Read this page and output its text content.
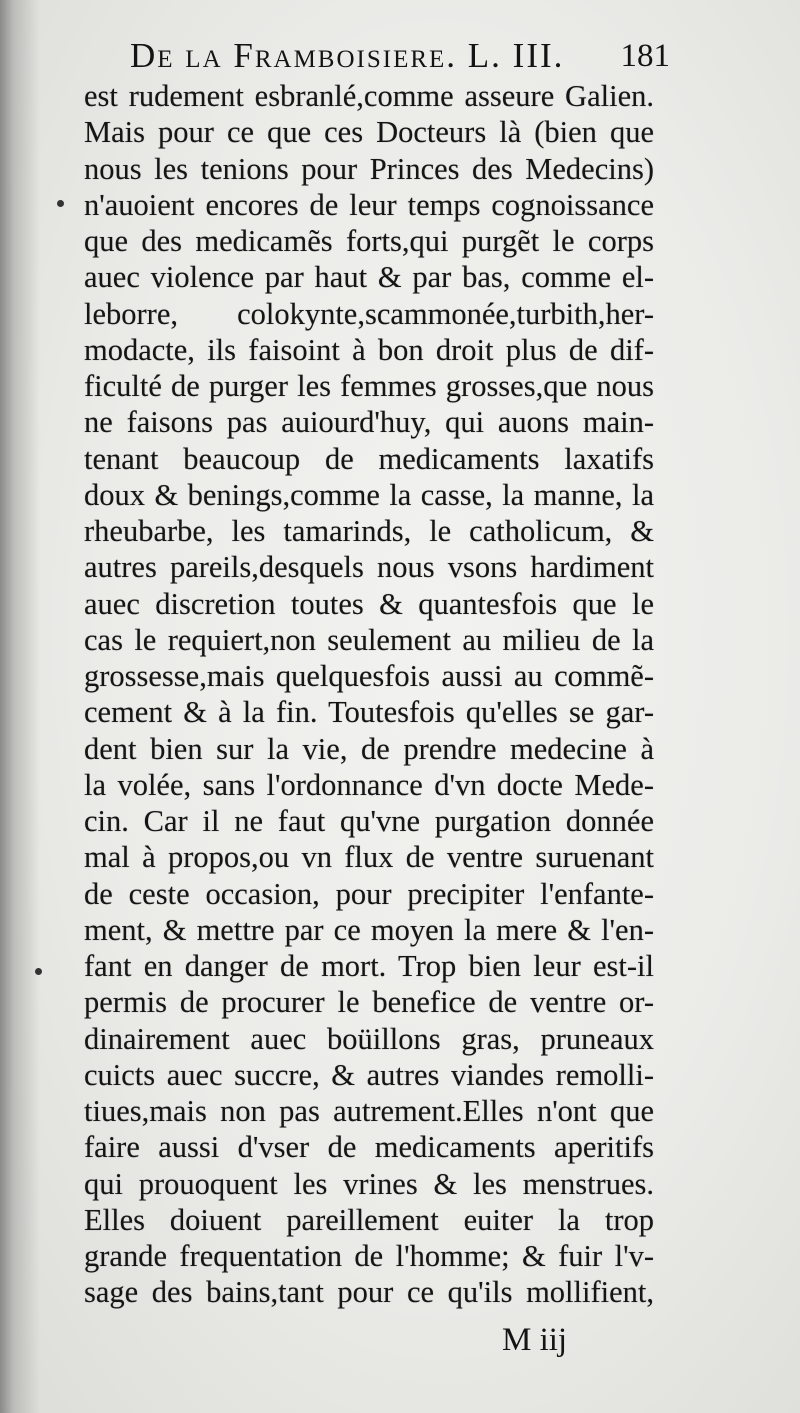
De la Framboisiere. L. III. 181
est rudement esbranlé,comme asseure Galien.
Mais pour ce que ces Docteurs là (bien que
nous les tenions pour Princes des Medecins)
n'auoient encores de leur temps cognoissance
que des medicamẽs forts,qui purgẽt le corps
auec violence par haut & par bas, comme el-
leborre, colokynte,scammonée,turbith,her-
modacte, ils faisoint à bon droit plus de dif-
ficulté de purger les femmes grosses,que nous
ne faisons pas auiourd'huy, qui auons main-
tenant beaucoup de medicaments laxatifs
doux & benings,comme la casse, la manne, la
rheubarbe, les tamarinds, le catholicum, &
autres pareils,desquels nous vsons hardiment
auec discretion toutes & quantesfois que le
cas le requiert,non seulement au milieu de la
grossesse,mais quelquesfois aussi au commẽ-
cement & à la fin. Toutesfois qu'elles se gar-
dent bien sur la vie, de prendre medecine à
la volée, sans l'ordonnance d'vn docte Mede-
cin. Car il ne faut qu'vne purgation donnée
mal à propos,ou vn flux de ventre suruenant
de ceste occasion, pour precipiter l'enfante-
ment, & mettre par ce moyen la mere & l'en-
fant en danger de mort. Trop bien leur est-il
permis de procurer le benefice de ventre or-
dinairement auec boüillons gras, pruneaux
cuicts auec succre, & autres viandes remolli-
tiues,mais non pas autrement.Elles n'ont que
faire aussi d'vser de medicaments aperitifs
qui prouoquent les vrines & les menstrues.
Elles doiuent pareillement euiter la trop
grande frequentation de l'homme; & fuir l'v-
sage des bains,tant pour ce qu'ils mollifient,
M iij
